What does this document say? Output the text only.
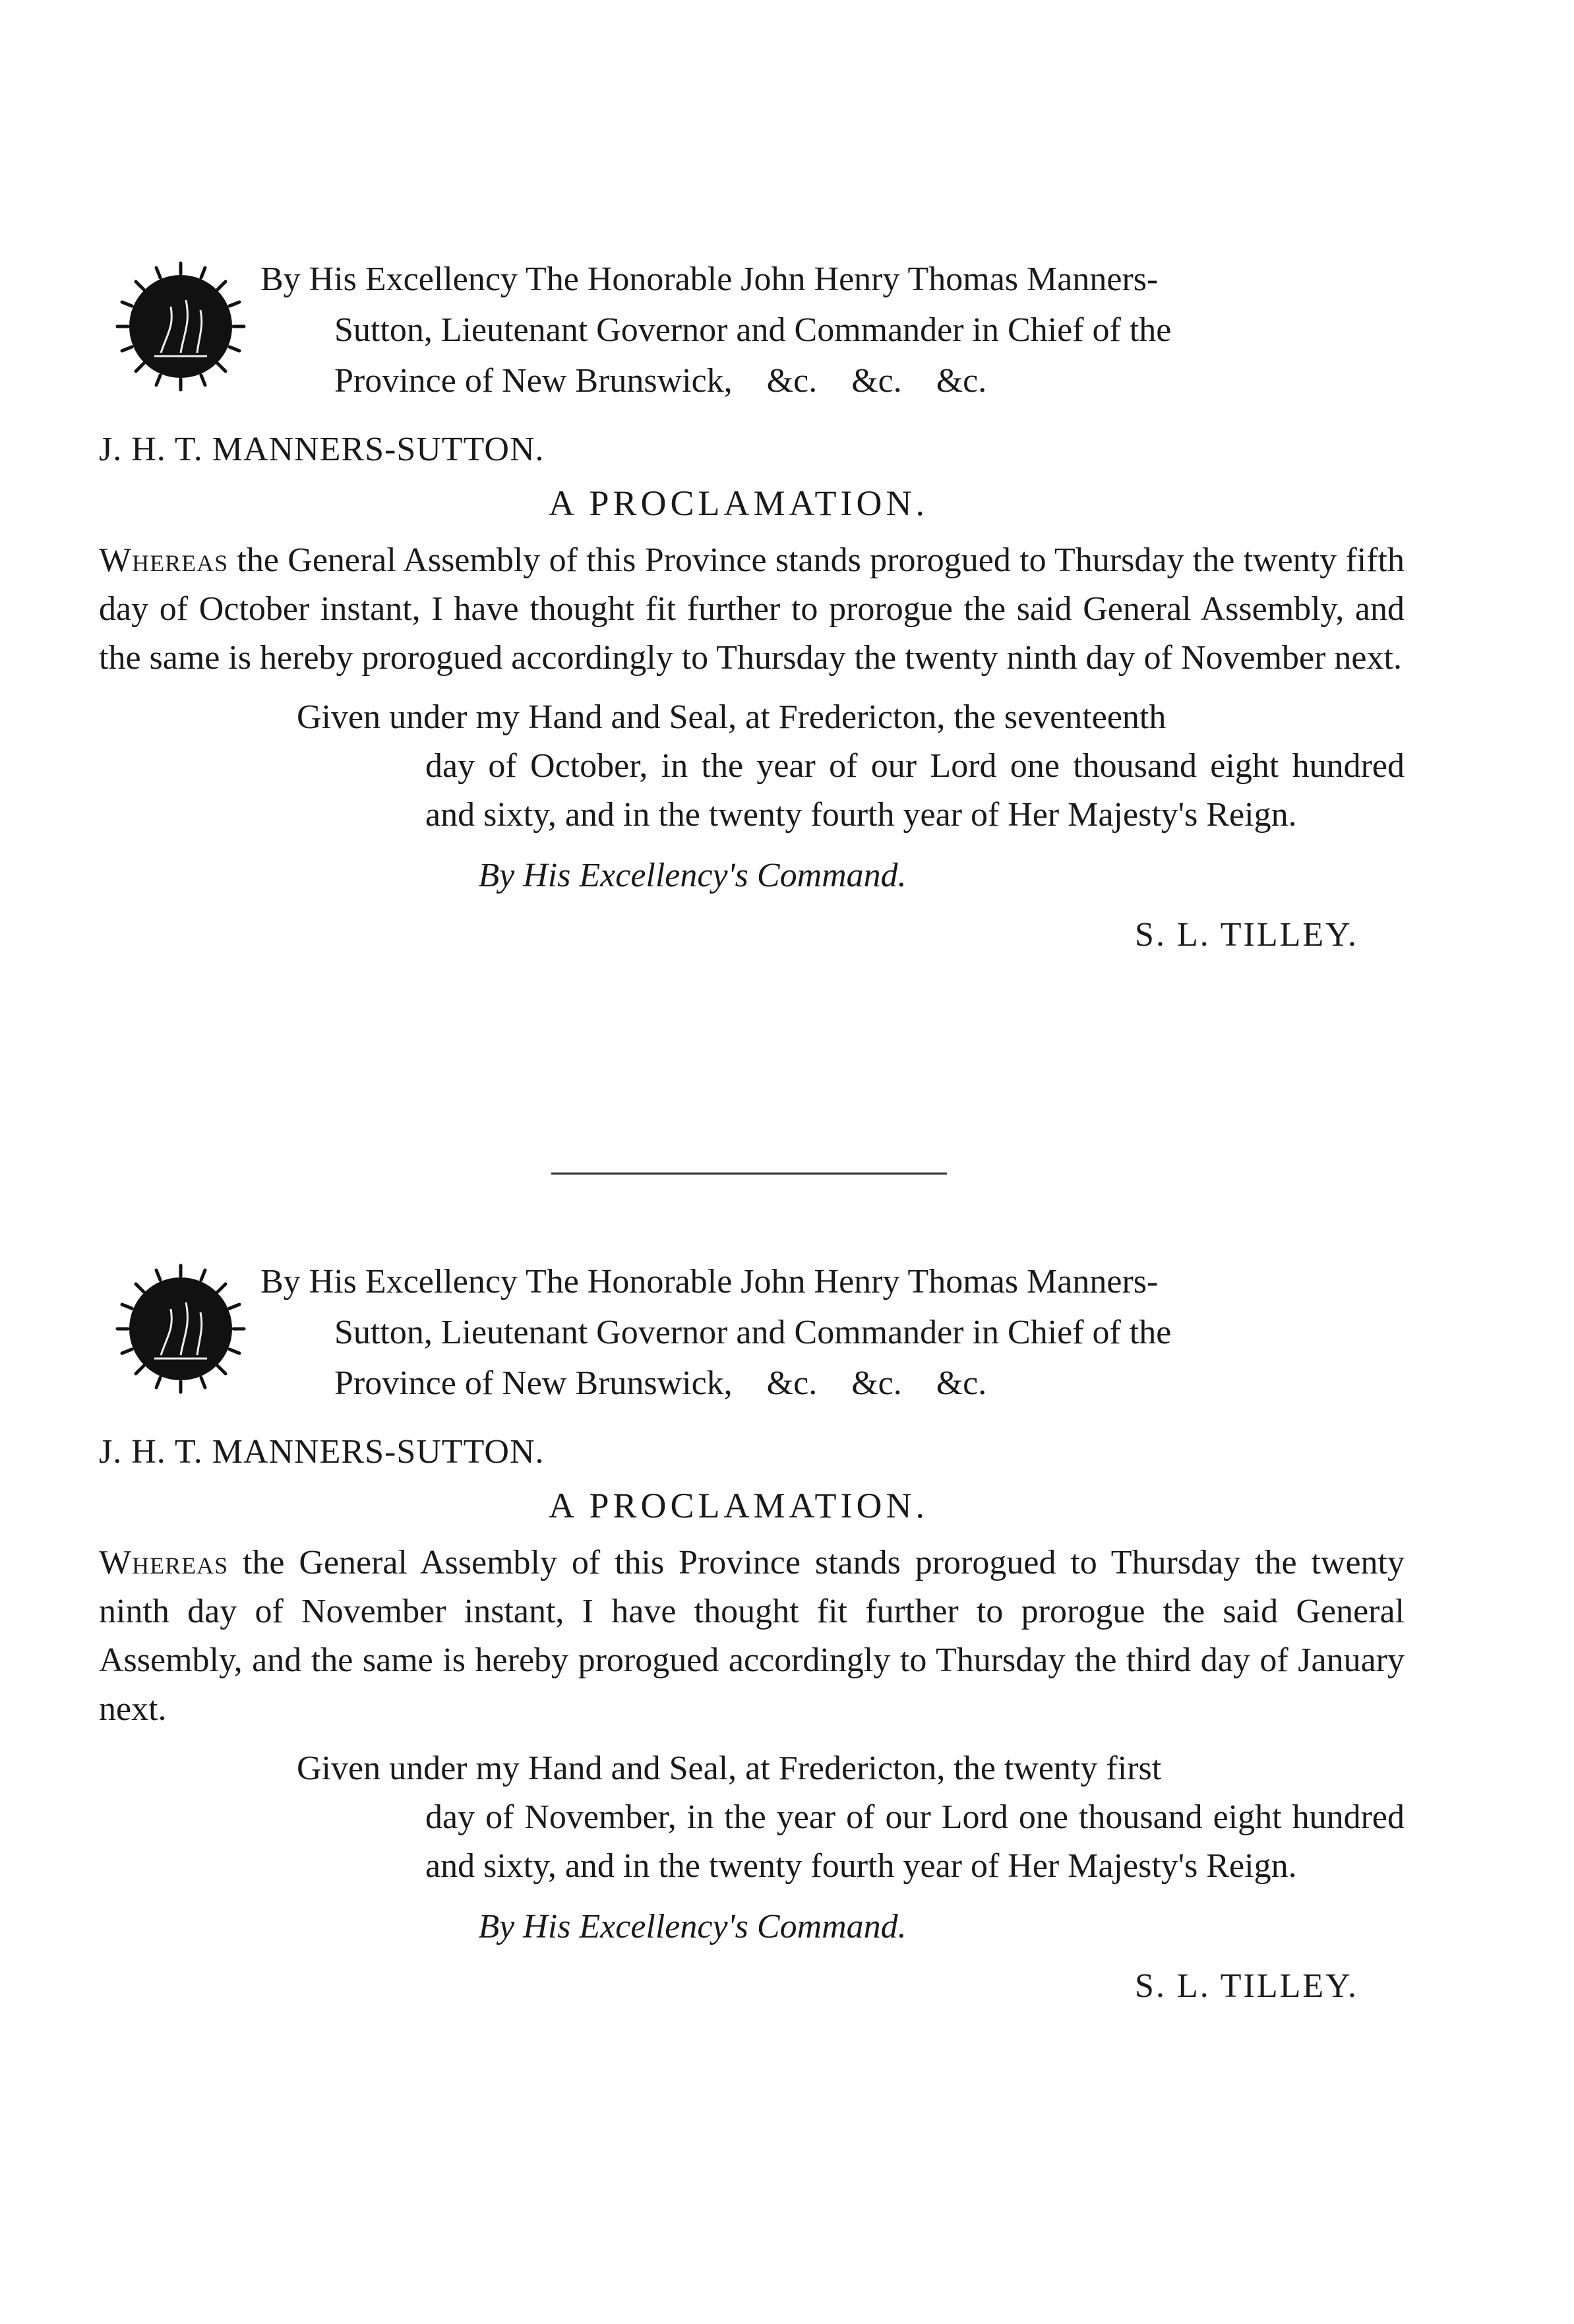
By His Excellency The Honorable John Henry Thomas Manners-
Sutton, Lieutenant Governor and Commander in Chief of the
Province of New Brunswick,    &c.    &c.    &c.
J. H. T. MANNERS-SUTTON.
A PROCLAMATION.
Whereas the General Assembly of this Province stands prorogued to Thursday the twenty fifth day of October instant, I have thought fit further to prorogue the said General Assembly, and the same is hereby prorogued accordingly to Thursday the twenty ninth day of November next.
Given under my Hand and Seal, at Fredericton, the seventeenth
day of October, in the year of our Lord one thousand eight hundred and sixty, and in the twenty fourth year of Her Majesty's Reign.
By His Excellency's Command.
S. L. TILLEY.
By His Excellency The Honorable John Henry Thomas Manners-
Sutton, Lieutenant Governor and Commander in Chief of the
Province of New Brunswick,    &c.    &c.    &c.
J. H. T. MANNERS-SUTTON.
A PROCLAMATION.
Whereas the General Assembly of this Province stands prorogued to Thursday the twenty ninth day of November instant, I have thought fit further to prorogue the said General Assembly, and the same is hereby prorogued accordingly to Thursday the third day of January next.
Given under my Hand and Seal, at Fredericton, the twenty first
day of November, in the year of our Lord one thousand eight hundred and sixty, and in the twenty fourth year of Her Majesty's Reign.
By His Excellency's Command.
S. L. TILLEY.
